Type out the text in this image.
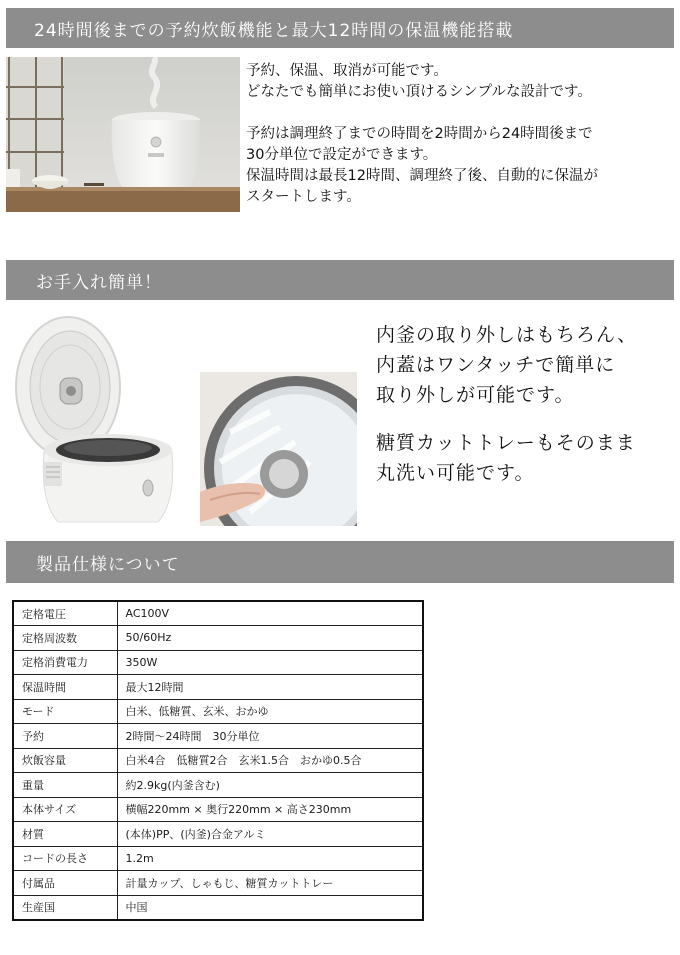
24時間後までの予約炊飯機能と最大12時間の保温機能搭載
予約、保温、取消が可能です。
どなたでも簡単にお使い頂けるシンプルな設計です。
予約は調理終了までの時間を2時間から24時間後まで
30分単位で設定ができます。
保温時間は最長12時間、調理終了後、自動的に保温が
スタートします。
お手入れ簡単！
内釜の取り外しはもちろん、
内蓋はワンタッチで簡単に
取り外しが可能です。
糖質カットトレーもそのまま
丸洗い可能です。
製品仕様について
定格電圧	AC100V
定格周波数	50/60Hz
定格消費電力	350W
保温時間	最大12時間
モード	白米、低糖質、玄米、おかゆ
予約	2時間～24時間　30分単位
炊飯容量	白米4合　低糖質2合　玄米1.5合　おかゆ0.5合
重量	約2.9kg(内釜含む)
本体サイズ	横幅220mm × 奥行220mm × 高さ230mm
材質	(本体)PP、(内釜)合金アルミ
コードの長さ	1.2m
付属品	計量カップ、しゃもじ、糖質カットトレー
生産国	中国
